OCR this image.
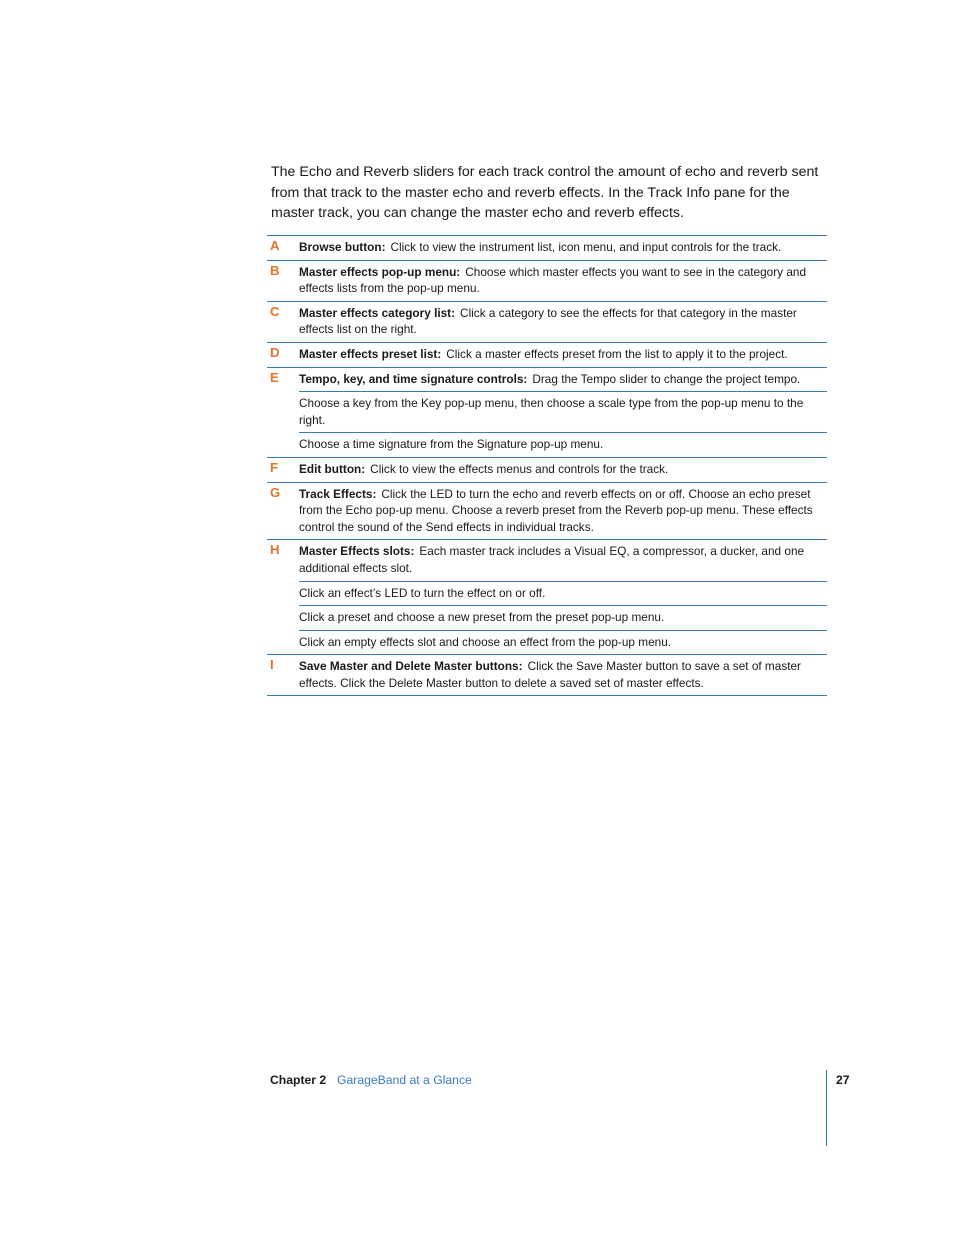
The Echo and Reverb sliders for each track control the amount of echo and reverb sent from that track to the master echo and reverb effects. In the Track Info pane for the master track, you can change the master echo and reverb effects.

A	Browse button: Click to view the instrument list, icon menu, and input controls for the track.
B	Master effects pop-up menu: Choose which master effects you want to see in the category and effects lists from the pop-up menu.
C	Master effects category list: Click a category to see the effects for that category in the master effects list on the right.
D	Master effects preset list: Click a master effects preset from the list to apply it to the project.
E	Tempo, key, and time signature controls: Drag the Tempo slider to change the project tempo.
Choose a key from the Key pop-up menu, then choose a scale type from the pop-up menu to the right.
Choose a time signature from the Signature pop-up menu.
F	Edit button: Click to view the effects menus and controls for the track.
G	Track Effects: Click the LED to turn the echo and reverb effects on or off. Choose an echo preset from the Echo pop-up menu. Choose a reverb preset from the Reverb pop-up menu. These effects control the sound of the Send effects in individual tracks.
H	Master Effects slots: Each master track includes a Visual EQ, a compressor, a ducker, and one additional effects slot.
Click an effect’s LED to turn the effect on or off.
Click a preset and choose a new preset from the preset pop-up menu.
Click an empty effects slot and choose an effect from the pop-up menu.
I	Save Master and Delete Master buttons: Click the Save Master button to save a set of master effects. Click the Delete Master button to delete a saved set of master effects.
Chapter 2 GarageBand at a Glance	27
